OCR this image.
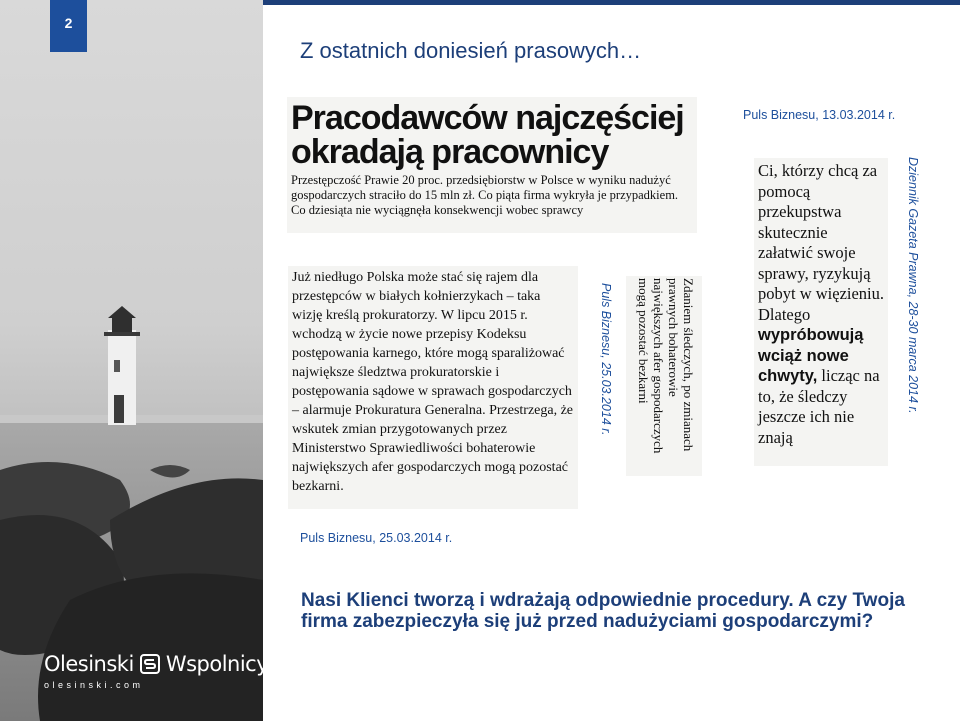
2
Olesinski Wspolnicy
olesinski.com
Z ostatnich doniesień prasowych…
Puls Biznesu, 13.03.2014 r.
Pracodawców najczęściej
okradają pracownicy
Przestępczość Prawie 20 proc. przedsiębiorstw w Polsce w wyniku nadużyć gospodarczych straciło do 15 mln zł. Co piąta firma wykryła je przypadkiem. Co dziesiąta nie wyciągnęła konsekwencji wobec sprawcy
Już niedługo Polska może stać się rajem dla przestępców w białych kołnierzykach – taka wizję kreślą prokuratorzy. W lipcu 2015 r. wchodzą w życie nowe przepisy Kodeksu postępowania karnego, które mogą sparaliżować największe śledztwa prokuratorskie i postępowania sądowe w sprawach gospodarczych – alarmuje Prokuratura Generalna. Przestrzega, że wskutek zmian przygotowanych przez Ministerstwo Sprawiedliwości bohaterowie największych afer gospodarczych mogą pozostać bezkarni.
Puls Biznesu, 25.03.2014 r.	Zdaniem śledczych, po zmianach
prawnych bohaterowie
największych afer gospodarczych
mogą pozostać bezkarni
Ci, którzy chcą za pomocą przekupstwa skutecznie załatwić swoje sprawy, ryzykują pobyt w więzieniu. Dlatego wypróbowują wciąż nowe chwyty, licząc na to, że śledczy jeszcze ich nie znają
Dziennik Gazeta Prawna, 28-30 marca 2014 r.
Puls Biznesu, 25.03.2014 r.
Nasi Klienci tworzą i wdrażają odpowiednie procedury. A czy Twoja firma zabezpieczyła się już przed nadużyciami gospodarczymi?
